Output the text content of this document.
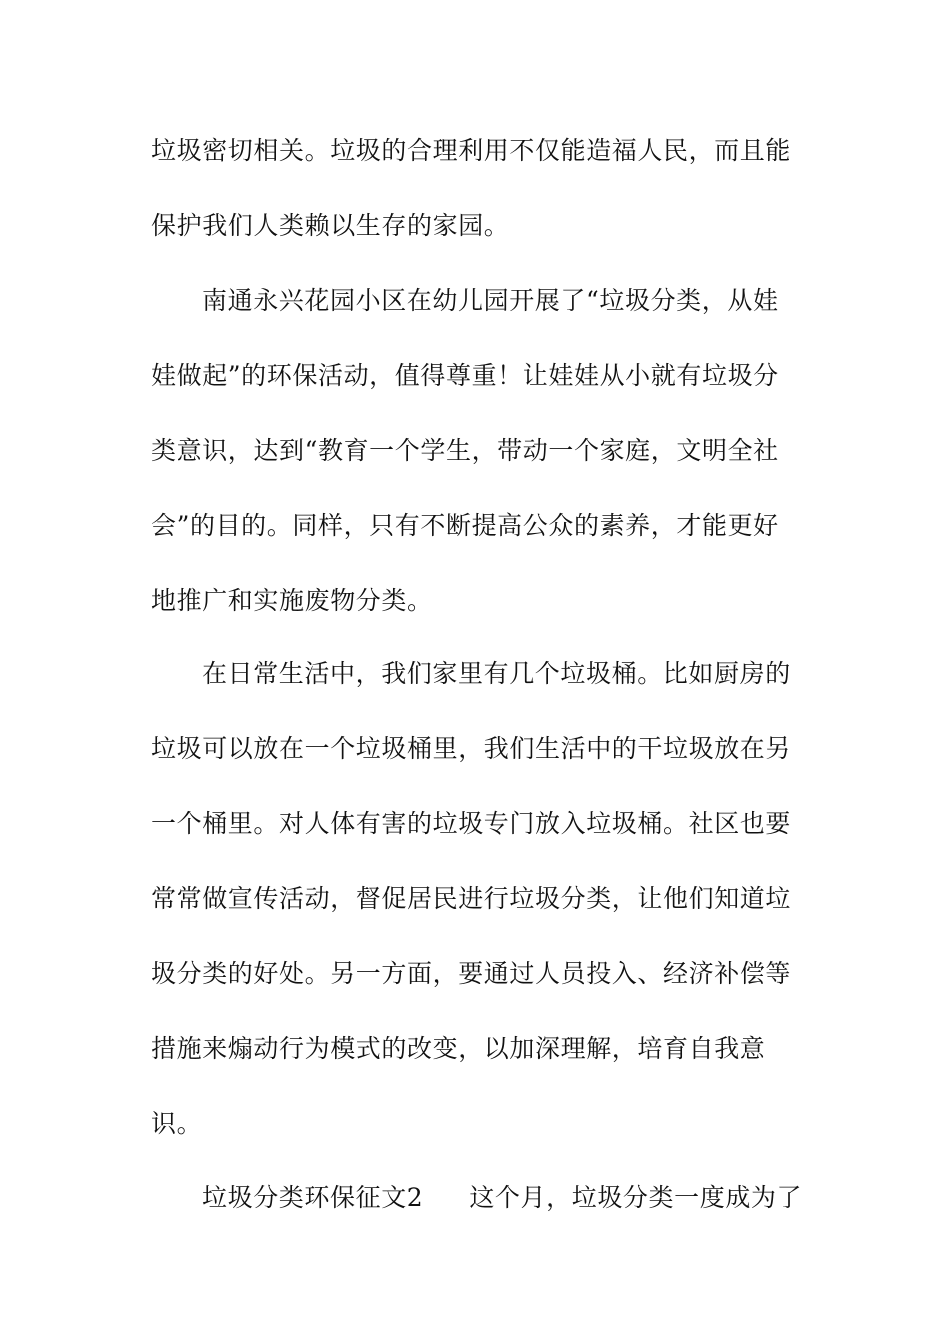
垃圾密切相关。垃圾的合理利用不仅能造福人民，而且能
保护我们人类赖以生存的家园。
南通永兴花园小区在幼儿园开展了“垃圾分类，从娃
娃做起”的环保活动，值得尊重！让娃娃从小就有垃圾分
类意识，达到“教育一个学生，带动一个家庭，文明全社
会”的目的。同样，只有不断提高公众的素养，才能更好
地推广和实施废物分类。
在日常生活中，我们家里有几个垃圾桶。比如厨房的
垃圾可以放在一个垃圾桶里，我们生活中的干垃圾放在另
一个桶里。对人体有害的垃圾专门放入垃圾桶。社区也要
常常做宣传活动，督促居民进行垃圾分类，让他们知道垃
圾分类的好处。另一方面，要通过人员投入、经济补偿等
措施来煽动行为模式的改变，以加深理解，培育自我意
识。
垃圾分类环保征文2 这个月，垃圾分类一度成为了
